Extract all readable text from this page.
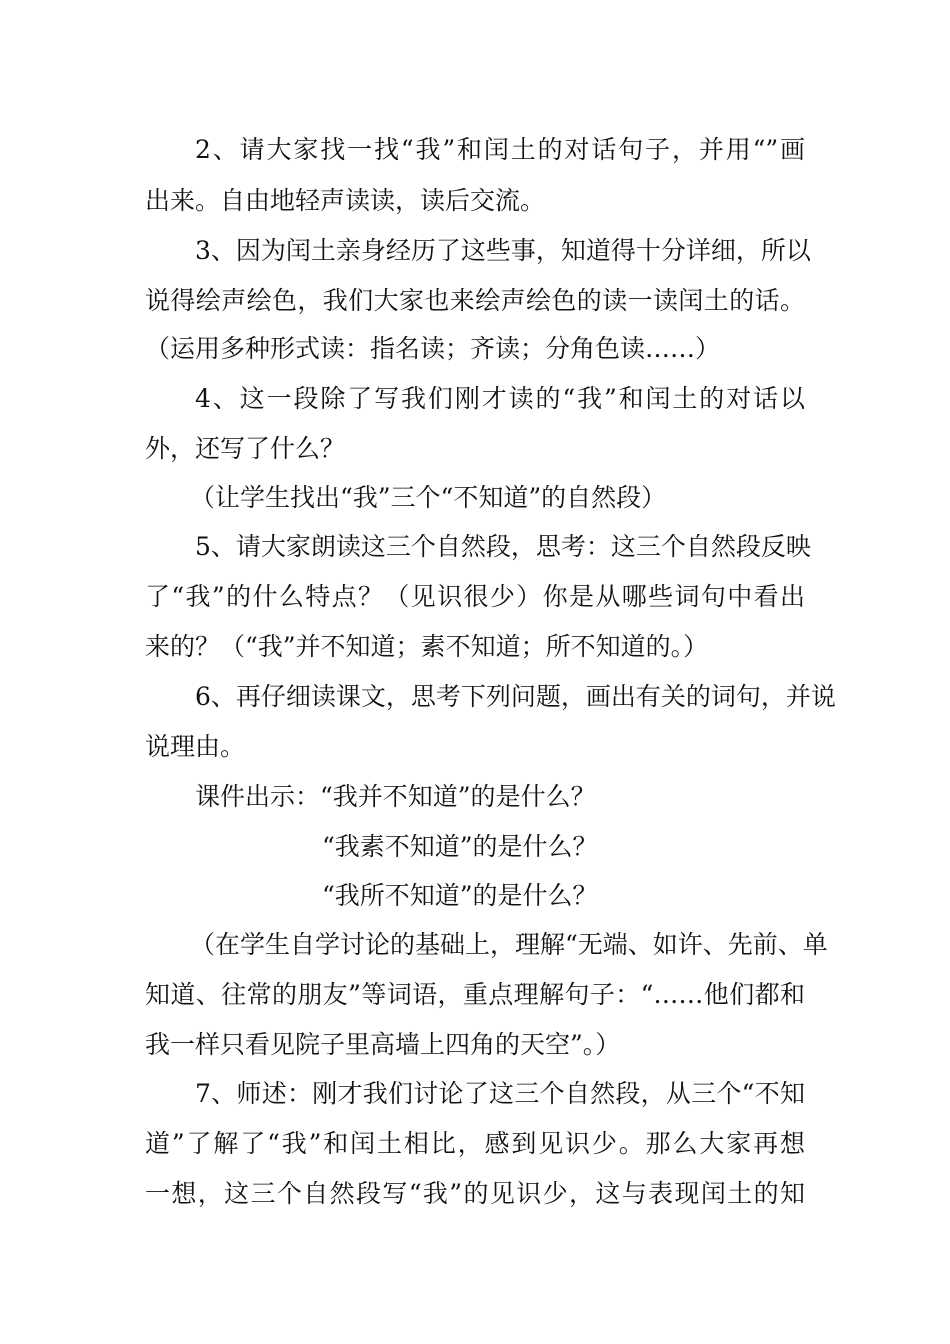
2、请大家找一找“我”和闰土的对话句子，并用“”画
出来。自由地轻声读读，读后交流。
3、因为闰土亲身经历了这些事，知道得十分详细，所以
说得绘声绘色，我们大家也来绘声绘色的读一读闰土的话。
（运用多种形式读：指名读；齐读；分角色读……）
4、这一段除了写我们刚才读的“我”和闰土的对话以
外，还写了什么？
（让学生找出“我”三个“不知道”的自然段）
5、请大家朗读这三个自然段，思考：这三个自然段反映
了“我”的什么特点？（见识很少）你是从哪些词句中看出
来的？（“我”并不知道；素不知道；所不知道的。）
6、再仔细读课文，思考下列问题，画出有关的词句，并说
说理由。
课件出示：“我并不知道”的是什么？
“我素不知道”的是什么？
“我所不知道”的是什么？
（在学生自学讨论的基础上，理解“无端、如许、先前、单
知道、往常的朋友”等词语，重点理解句子：“……他们都和
我一样只看见院子里高墙上四角的天空”。）
7、师述：刚才我们讨论了这三个自然段，从三个“不知
道”了解了“我”和闰土相比，感到见识少。那么大家再想
一想，这三个自然段写“我”的见识少，这与表现闰土的知
